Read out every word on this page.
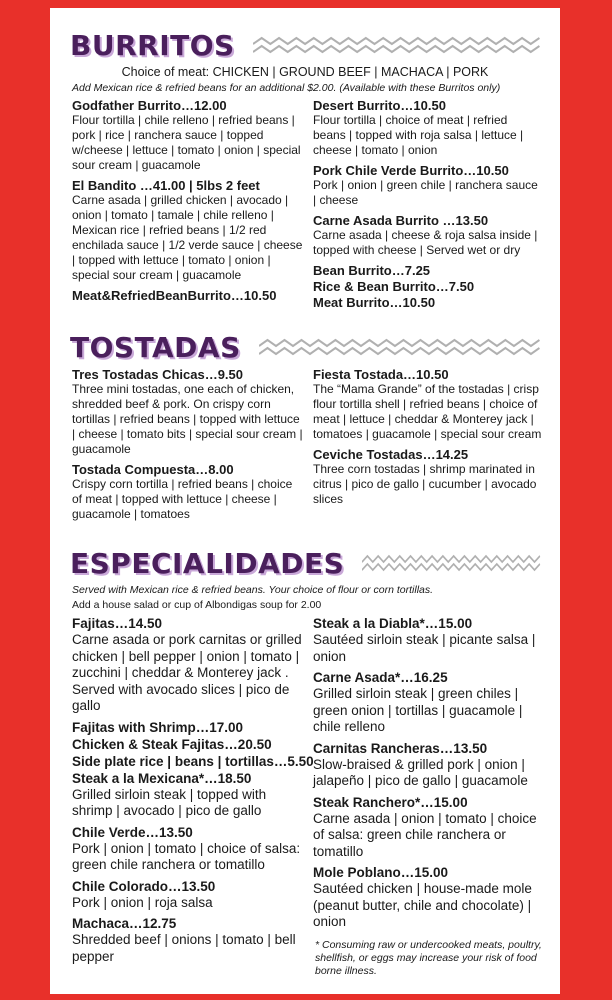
BURRITOS
Choice of meat: CHICKEN | GROUND BEEF | MACHACA | PORK
Add Mexican rice & refried beans for an additional $2.00. (Available with these Burritos only)
Godfather Burrito…12.00
Flour tortilla | chile relleno | refried beans | pork | rice | ranchera sauce | topped w/cheese | lettuce | tomato | onion | special sour cream | guacamole
El Bandito …41.00 | 5lbs 2 feet
Carne asada | grilled chicken | avocado | onion | tomato | tamale | chile relleno | Mexican rice | refried beans | 1/2 red enchilada sauce | 1/2 verde sauce | cheese | topped with lettuce | tomato | onion | special sour cream | guacamole
Meat&RefriedBeanBurrito…10.50
Desert Burrito…10.50
Flour tortilla | choice of meat | refried beans | topped with roja salsa | lettuce | cheese | tomato | onion
Pork Chile Verde Burrito…10.50
Pork | onion | green chile | ranchera sauce | cheese
Carne Asada Burrito …13.50
Carne asada | cheese & roja salsa inside | topped with cheese | Served wet or dry
Bean Burrito…7.25
Rice & Bean Burrito…7.50
Meat Burrito…10.50
TOSTADAS
Tres Tostadas Chicas…9.50
Three mini tostadas, one each of chicken, shredded beef & pork. On crispy corn tortillas | refried beans | topped with lettuce | cheese | tomato bits | special sour cream | guacamole
Tostada Compuesta…8.00
Crispy corn tortilla | refried beans | choice of meat | topped with lettuce | cheese | guacamole | tomatoes
Fiesta Tostada…10.50
The “Mama Grande” of the tostadas | crisp flour tortilla shell | refried beans | choice of meat | lettuce | cheddar & Monterey jack | tomatoes | guacamole | special sour cream
Ceviche Tostadas…14.25
Three corn tostadas | shrimp marinated in citrus | pico de gallo | cucumber | avocado slices
ESPECIALIDADES
Served with Mexican rice & refried beans. Your choice of flour or corn tortillas.
Add a house salad or cup of Albondigas soup for 2.00
Fajitas…14.50
Carne asada or pork carnitas or grilled chicken | bell pepper | onion | tomato | zucchini | cheddar & Monterey jack . Served with avocado slices | pico de gallo
Fajitas with Shrimp…17.00
Chicken & Steak Fajitas…20.50
Side plate rice | beans | tortillas…5.50
Steak a la Mexicana*…18.50
Grilled sirloin steak | topped with shrimp | avocado | pico de gallo
Chile Verde…13.50
Pork | onion | tomato | choice of salsa: green chile ranchera or tomatillo
Chile Colorado…13.50
Pork | onion | roja salsa
Machaca…12.75
Shredded beef | onions | tomato | bell pepper
Steak a la Diabla*…15.00
Sautéed sirloin steak | picante salsa | onion
Carne Asada*…16.25
Grilled sirloin steak | green chiles | green onion | tortillas | guacamole | chile relleno
Carnitas Rancheras…13.50
Slow-braised & grilled pork | onion | jalapeño | pico de gallo | guacamole
Steak Ranchero*…15.00
Carne asada | onion | tomato | choice of salsa: green chile ranchera or tomatillo
Mole Poblano…15.00
Sautéed chicken | house-made mole (peanut butter, chile and chocolate) | onion
* Consuming raw or undercooked meats, poultry, shellfish, or eggs may increase your risk of food borne illness.
